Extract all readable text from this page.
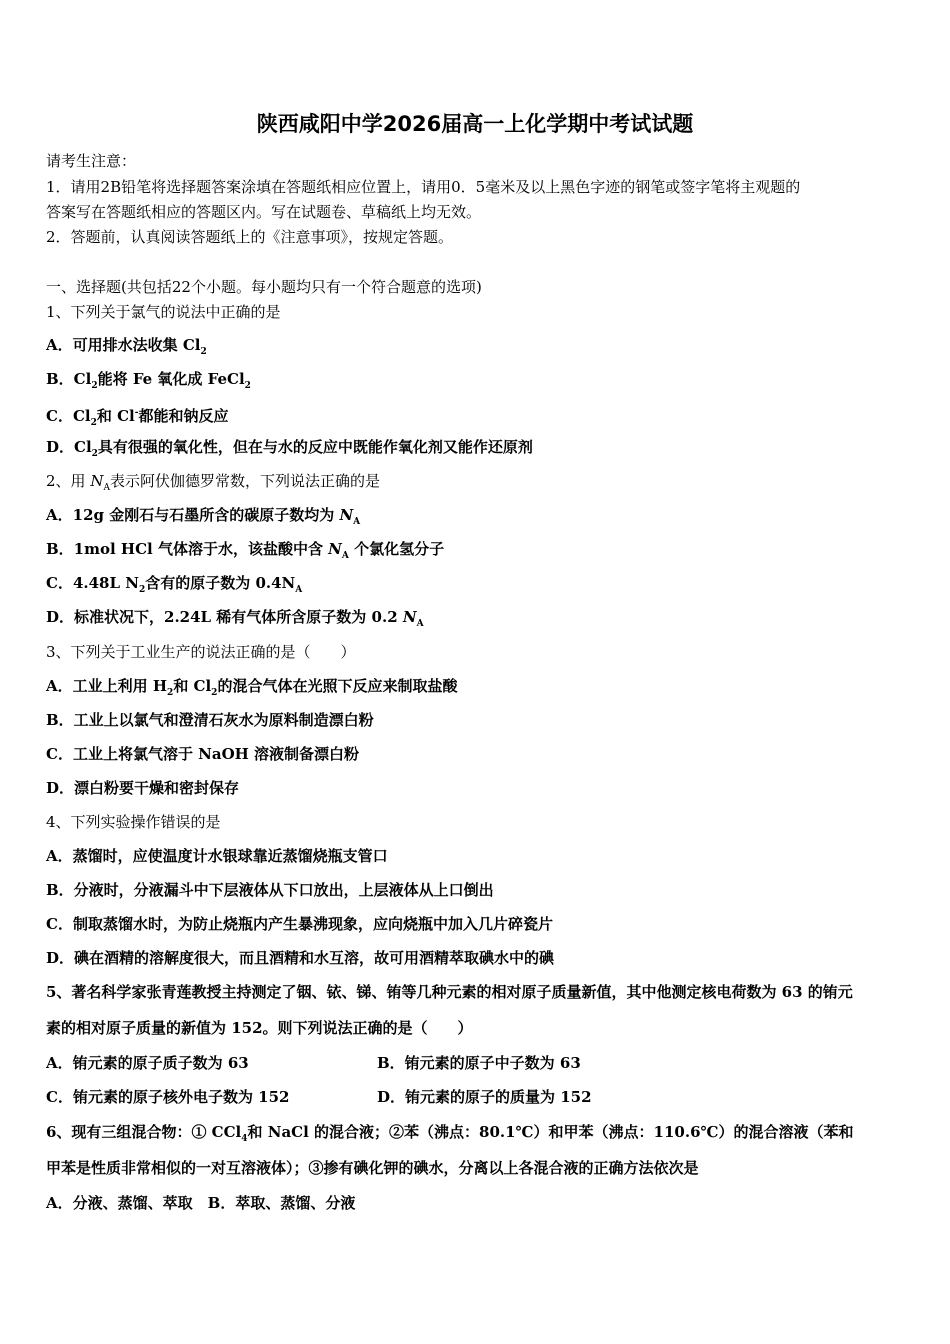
陕西咸阳中学2026届高一上化学期中考试试题
请考生注意：
1．请用2B铅笔将选择题答案涂填在答题纸相应位置上，请用0．5毫米及以上黑色字迹的钢笔或签字笔将主观题的
答案写在答题纸相应的答题区内。写在试题卷、草稿纸上均无效。
2．答题前，认真阅读答题纸上的《注意事项》，按规定答题。
一、选择题(共包括22个小题。每小题均只有一个符合题意的选项)
1、下列关于氯气的说法中正确的是
A．可用排水法收集 $Cl_2$
B．$Cl_2$能将 Fe 氧化成 FeCl$_2$
C．$Cl_2$和 Cl-都能和钠反应
D．$Cl_2$具有很强的氧化性，但在与水的反应中既能作氧化剂又能作还原剂
2、用 $N_A$表示阿伏伽德罗常数，下列说法正确的是
A．12g 金刚石与石墨所含的碳原子数均为 $N_A$
B．1mol HCl 气体溶于水，该盐酸中含 $N_A$ 个氯化氢分子
C．4.48L $N_2$含有的原子数为 $0.4N_A$
D．标准状况下，2.24L 稀有气体所含原子数为 0.2 $N_A$
3、下列关于工业生产的说法正确的是（　　）
A．工业上利用 $H_2$和 $Cl_2$的混合气体在光照下反应来制取盐酸
B．工业上以氯气和澄清石灰水为原料制造漂白粉
C．工业上将氯气溶于 NaOH 溶液制备漂白粉
D．漂白粉要干燥和密封保存
4、下列实验操作错误的是
A．蒸馏时，应使温度计水银球靠近蒸馏烧瓶支管口
B．分液时，分液漏斗中下层液体从下口放出，上层液体从上口倒出
C．制取蒸馏水时，为防止烧瓶内产生暴沸现象，应向烧瓶中加入几片碎瓷片
D．碘在酒精的溶解度很大，而且酒精和水互溶，故可用酒精萃取碘水中的碘
5、著名科学家张青莲教授主持测定了铟、铱、锑、铕等几种元素的相对原子质量新值，其中他测定核电荷数为 63 的铕元
素的相对原子质量的新值为 152。则下列说法正确的是（　　）
A．铕元素的原子质子数为 63	B．铕元素的原子中子数为 63
C．铕元素的原子核外电子数为 152	D．铕元素的原子的质量为 152
6、现有三组混合物：① CCl$_4$和 NaCl 的混合液；②苯（沸点：80.1℃）和甲苯（沸点：110.6℃）的混合溶液（苯和
甲苯是性质非常相似的一对互溶液体）；③掺有碘化钾的碘水，分离以上各混合液的正确方法依次是
A．分液、蒸馏、萃取　B．萃取、蒸馏、分液
